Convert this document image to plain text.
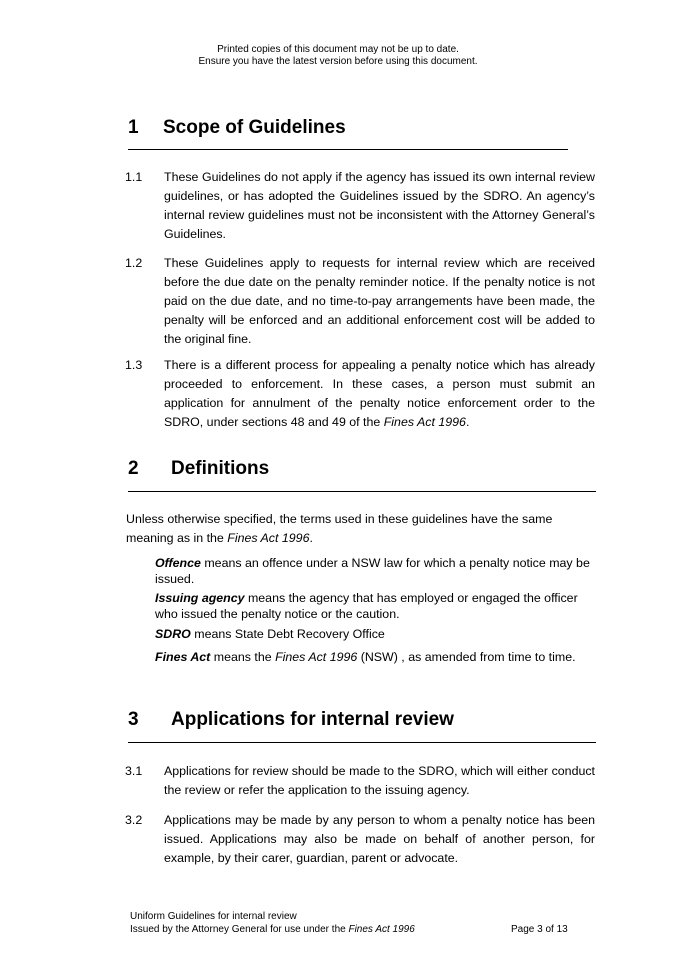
Printed copies of this document may not be up to date.
Ensure you have the latest version before using this document.
1	Scope of Guidelines
1.1	These Guidelines do not apply if the agency has issued its own internal review guidelines, or has adopted the Guidelines issued by the SDRO. An agency’s internal review guidelines must not be inconsistent with the Attorney General’s Guidelines.
1.2	These Guidelines apply to requests for internal review which are received before the due date on the penalty reminder notice. If the penalty notice is not paid on the due date, and no time-to-pay arrangements have been made, the penalty will be enforced and an additional enforcement cost will be added to the original fine.
1.3	There is a different process for appealing a penalty notice which has already proceeded to enforcement. In these cases, a person must submit an application for annulment of the penalty notice enforcement order to the SDRO, under sections 48 and 49 of the Fines Act 1996.
2	Definitions
Unless otherwise specified, the terms used in these guidelines have the same meaning as in the Fines Act 1996.
Offence means an offence under a NSW law for which a penalty notice may be issued.
Issuing agency means the agency that has employed or engaged the officer who issued the penalty notice or the caution.
SDRO means State Debt Recovery Office
Fines Act means the Fines Act 1996 (NSW) , as amended from time to time.
3	Applications for internal review
3.1	Applications for review should be made to the SDRO, which will either conduct the review or refer the application to the issuing agency.
3.2	Applications may be made by any person to whom a penalty notice has been issued. Applications may also be made on behalf of another person, for example, by their carer, guardian, parent or advocate.
Uniform Guidelines for internal review
Issued by the Attorney General for use under the Fines Act 1996	Page 3 of 13
